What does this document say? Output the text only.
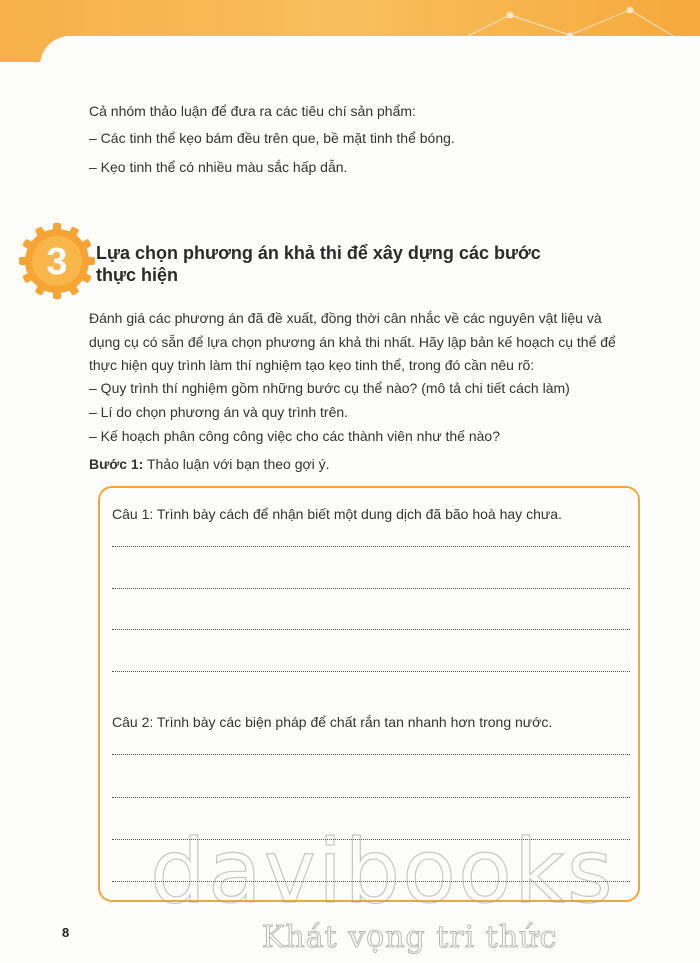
Cả nhóm thảo luận để đưa ra các tiêu chí sản phẩm:
– Các tinh thể kẹo bám đều trên que, bề mặt tinh thể bóng.
– Kẹo tinh thể có nhiều màu sắc hấp dẫn.
3 Lựa chọn phương án khả thi để xây dựng các bước
thực hiện
Đánh giá các phương án đã đề xuất, đồng thời cân nhắc về các nguyên vật liệu và
dụng cụ có sẵn để lựa chọn phương án khả thi nhất. Hãy lập bản kế hoạch cụ thể để
thực hiện quy trình làm thí nghiệm tạo kẹo tinh thể, trong đó cần nêu rõ:
– Quy trình thí nghiệm gồm những bước cụ thể nào? (mô tả chi tiết cách làm)
– Lí do chọn phương án và quy trình trên.
– Kế hoạch phân công công việc cho các thành viên như thế nào?
Bước 1: Thảo luận với bạn theo gợi ý.
Câu 1: Trình bày cách để nhận biết một dung dịch đã bão hoà hay chưa.
Câu 2: Trình bày các biện pháp để chất rắn tan nhanh hơn trong nước.
8
davibooks
Khát vọng tri thức
